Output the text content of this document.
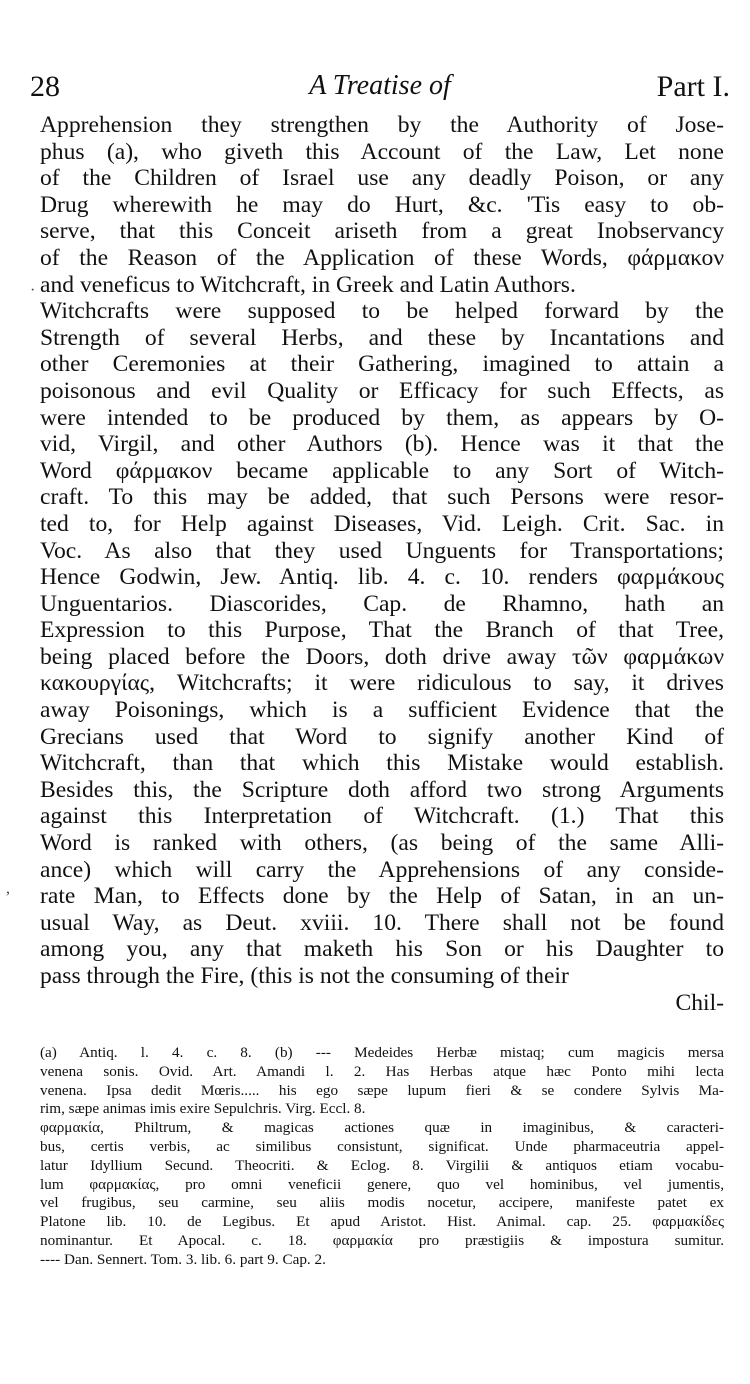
28	A Treatise of	Part I.
Apprehension they strengthen by the Authority of Jose-
phus (a), who giveth this Account of the Law, Let none
of the Children of Israel use any deadly Poison, or any
Drug wherewith he may do Hurt, &c. 'Tis easy to ob-
serve, that this Conceit ariseth from a great Inobservancy
of the Reason of the Application of these Words, φάρμακον
and veneficus to Witchcraft, in Greek and Latin Authors.
Witchcrafts were supposed to be helped forward by the
Strength of several Herbs, and these by Incantations and
other Ceremonies at their Gathering, imagined to attain a
poisonous and evil Quality or Efficacy for such Effects, as
were intended to be produced by them, as appears by O-
vid, Virgil, and other Authors (b). Hence was it that the
Word φάρμακον became applicable to any Sort of Witch-
craft. To this may be added, that such Persons were resor-
ted to, for Help against Diseases, Vid. Leigh. Crit. Sac. in
Voc. As also that they used Unguents for Transportations;
Hence Godwin, Jew. Antiq. lib. 4. c. 10. renders φαρμάκους
Unguentarios. Diascorides, Cap. de Rhamno, hath an
Expression to this Purpose, That the Branch of that Tree,
being placed before the Doors, doth drive away τῶν φαρμάκων
κακουργίας, Witchcrafts; it were ridiculous to say, it drives
away Poisonings, which is a sufficient Evidence that the
Grecians used that Word to signify another Kind of
Witchcraft, than that which this Mistake would establish.
Besides this, the Scripture doth afford two strong Arguments
against this Interpretation of Witchcraft. (1.) That this
Word is ranked with others, (as being of the same Alli-
ance) which will carry the Apprehensions of any conside-
rate Man, to Effects done by the Help of Satan, in an un-
usual Way, as Deut. xviii. 10. There shall not be found
among you, any that maketh his Son or his Daughter to
pass through the Fire, (this is not the consuming of their
Chil-
(a) Antiq. l. 4. c. 8. (b) --- Medeides Herbæ mistaq; cum magicis mersa
venena sonis. Ovid. Art. Amandi l. 2. Has Herbas atque hæc Ponto mihi lecta
venena. Ipsa dedit Mœris..... his ego sæpe lupum fieri & se condere Sylvis Ma-
rim, sæpe animas imis exire Sepulchris. Virg. Eccl. 8.
φαρμακία, Philtrum, & magicas actiones quæ in imaginibus, & caracteri-
bus, certis verbis, ac similibus consistunt, significat. Unde pharmaceutria appel-
latur Idyllium Secund. Theocriti. & Eclog. 8. Virgilii & antiquos etiam vocabu-
lum φαρμακίας, pro omni veneficii genere, quo vel hominibus, vel jumentis,
vel frugibus, seu carmine, seu aliis modis nocetur, accipere, manifeste patet ex
Platone lib. 10. de Legibus. Et apud Aristot. Hist. Animal. cap. 25. φαρμακίδες
nominantur. Et Apocal. c. 18. φαρμακία pro præstigiis & impostura sumitur.
---- Dan. Sennert. Tom. 3. lib. 6. part 9. Cap. 2.
·
,
